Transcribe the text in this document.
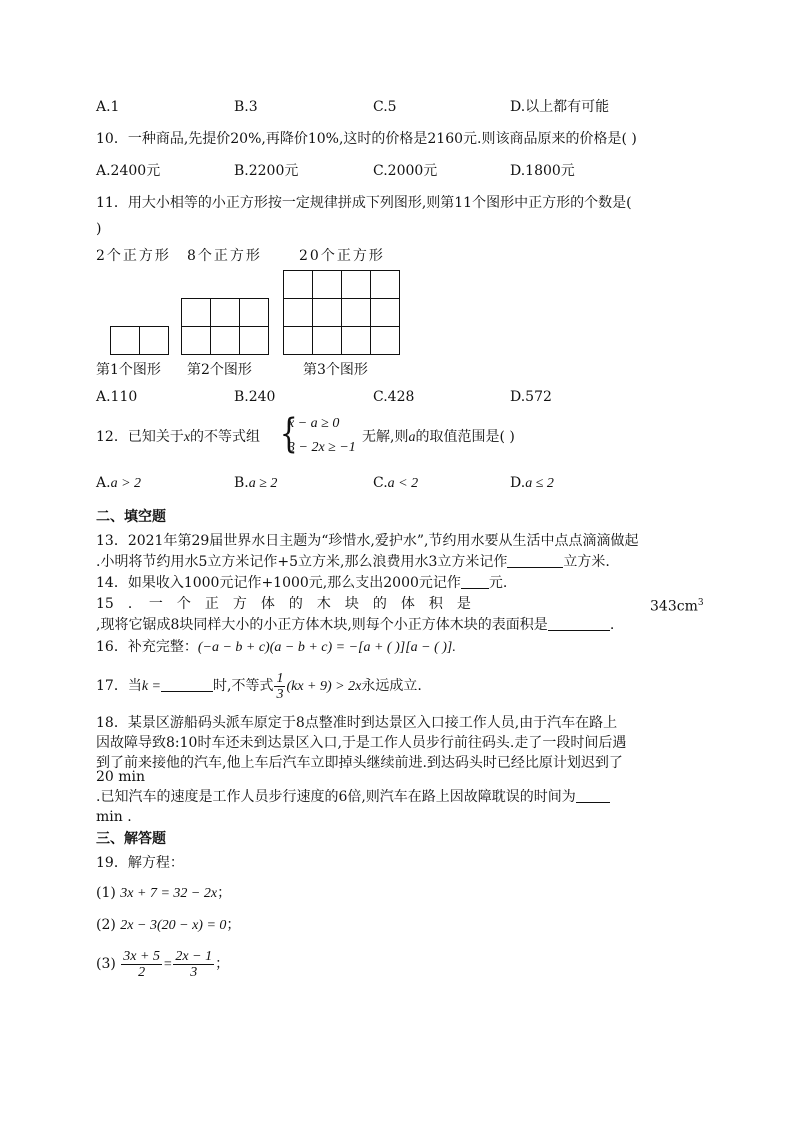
A.1	B.3	C.5	D.以上都有可能
10．一种商品,先提价20%,再降价10%,这时的价格是2160元.则该商品原来的价格是( )
A.2400元	B.2200元	C.2000元	D.1800元
11．用大小相等的小正方形按一定规律拼成下列图形,则第11个图形中正方形的个数是(
)
2个正方形 8个正方形	20个正方形
第1个图形 第2个图形	第3个图形
A.110	B.240	C.428	D.572
12．已知关于x的不等式组 {
x − a ≥ 0
3 − 2x ≥ −1
无解,则a的取值范围是( )
A.a > 2	B.a ≥ 2	C.a < 2	D.a ≤ 2
二、填空题
13．2021年第29届世界水日主题为“珍惜水,爱护水”,节约用水要从生活中点点滴滴做起
.小明将节约用水5立方米记作+5立方米,那么浪费用水3立方米记作	立方米.
14．如果收入1000元记作+1000元,那么支出2000元记作 元.
15　．　一　个　正　方　体　的　木　块　的　体　积　是	$343cm^3$
,现将它锯成8块同样大小的小正方体木块,则每个小正方体木块的表面积是	.
16．补充完整：(−a − b + c)(a − b + c) = −[a + ( )][a − ( )].
17．当k =	时,不等式 $\frac{1}{3} (kx + 9) > 2x$永远成立.
18．某景区游船码头派车原定于8点整准时到达景区入口接工作人员,由于汽车在路上
因故障导致8:10时车还未到达景区入口,于是工作人员步行前往码头.走了一段时间后遇
到了前来接他的汽车,他上车后汽车立即掉头继续前进.到达码头时已经比原计划迟到了
20 min
.已知汽车的速度是工作人员步行速度的6倍,则汽车在路上因故障耽误的时间为
min .
三、解答题
19．解方程：
(1) 3x + 7 = 32 − 2x；
(2) 2x − 3(20 − x) = 0；
$(3) \frac{3x + 5}{2} = \frac{2x - 1}{3}$ ；
